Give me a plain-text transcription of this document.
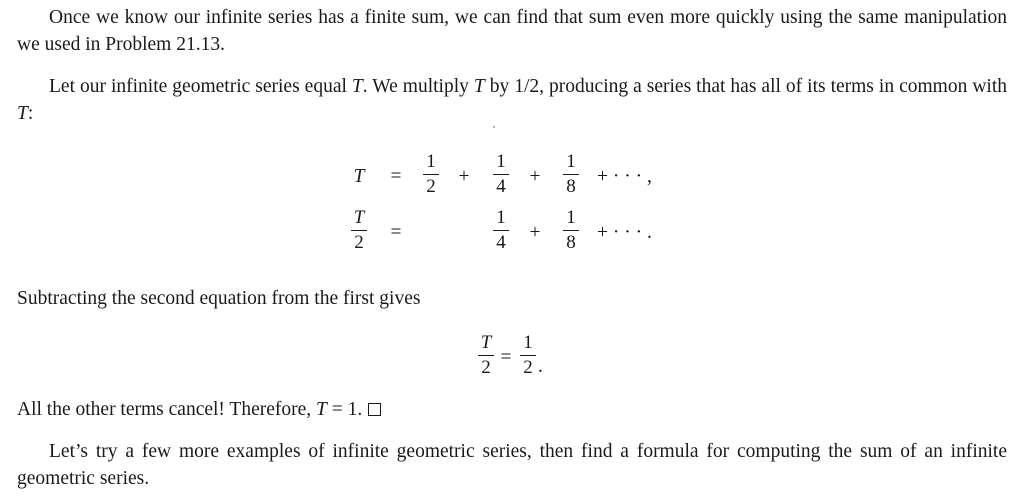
Once we know our infinite series has a finite sum, we can find that sum even more quickly using the same manipulation we used in Problem 21.13.

Let our infinite geometric series equal T. We multiply T by 1/2, producing a series that has all of its terms in common with T:

T =
1
2 +
1
4 +
1
8 + · · · ,
T
2 =
1
4 +
1
8 + · · · .
T
2 =
1
2 .

Subtracting the second equation from the first gives

All the other terms cancel! Therefore, T = 1.

Let’s try a few more examples of infinite geometric series, then find a formula for computing the sum of an infinite geometric series.
